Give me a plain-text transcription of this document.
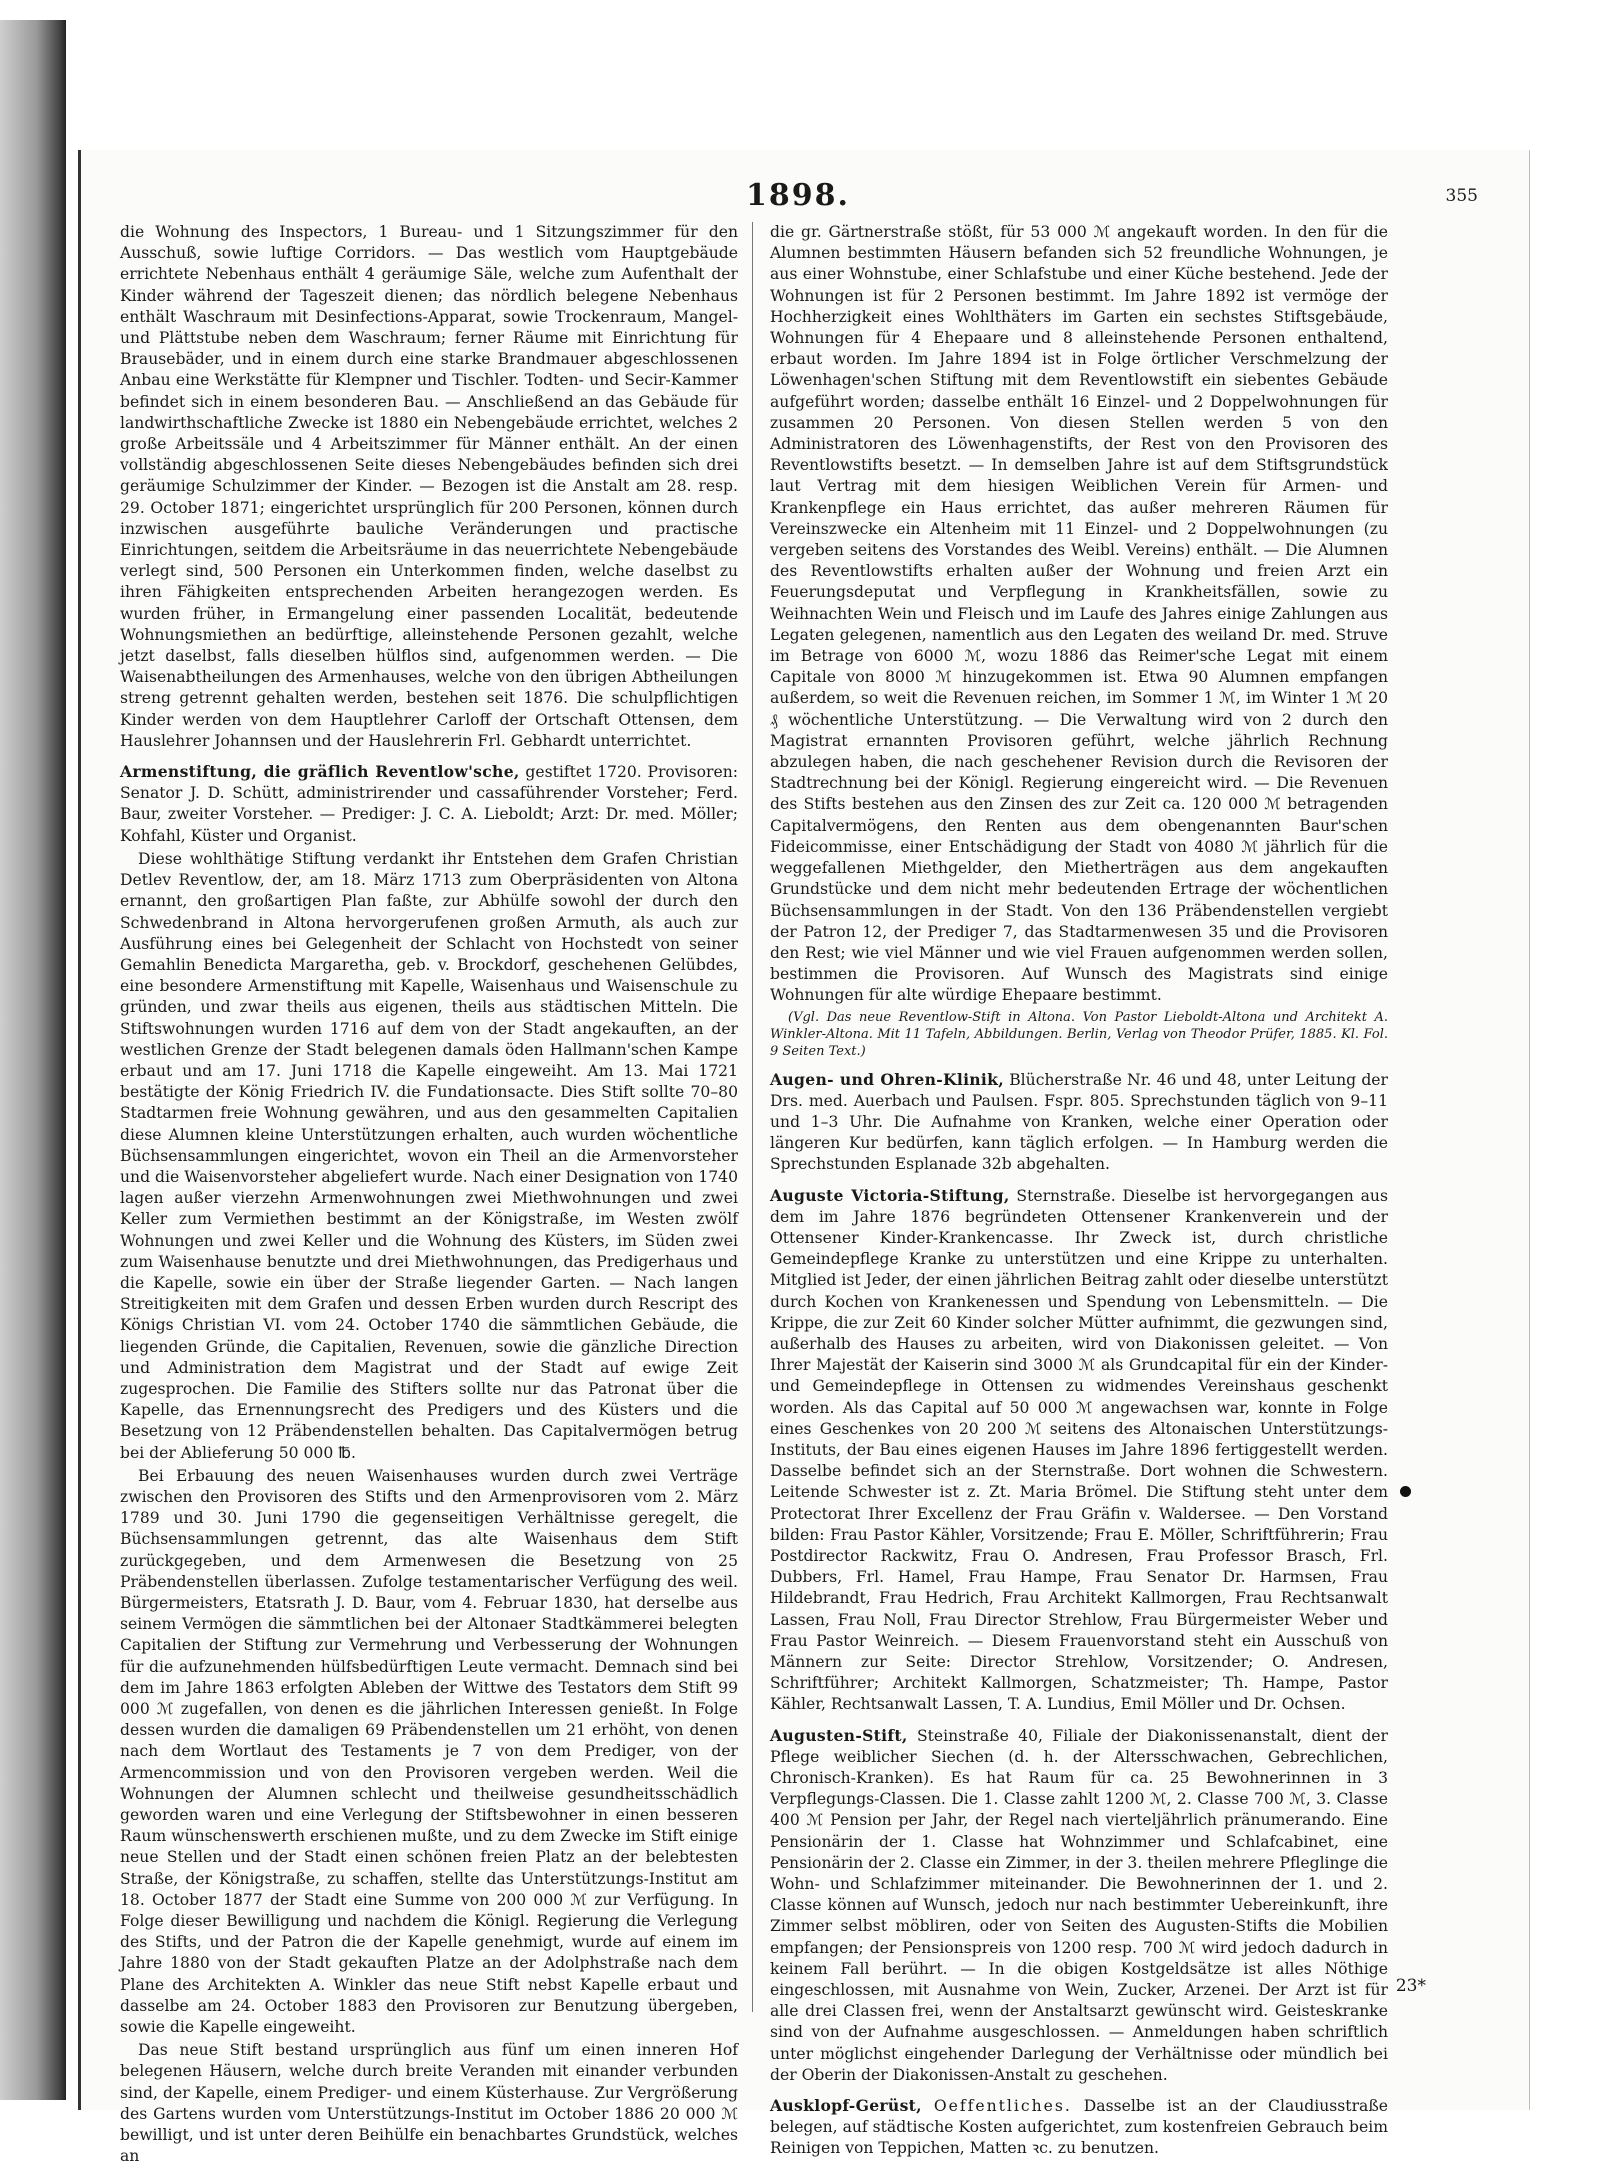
1898.	355

die Wohnung des Inspectors, 1 Bureau- und 1 Sitzungszimmer für den Ausschuß, sowie luftige Corridors. — Das westlich vom Hauptgebäude errichtete Nebenhaus enthält 4 geräumige Säle, welche zum Aufenthalt der Kinder während der Tageszeit dienen; das nördlich belegene Nebenhaus enthält Waschraum mit Desinfections-Apparat, sowie Trockenraum, Mangel- und Plättstube neben dem Waschraum; ferner Räume mit Einrichtung für Brausebäder, und in einem durch eine starke Brandmauer abgeschlossenen Anbau eine Werkstätte für Klempner und Tischler. Todten- und Secir-Kammer befindet sich in einem besonderen Bau. — Anschließend an das Gebäude für landwirthschaftliche Zwecke ist 1880 ein Nebengebäude errichtet, welches 2 große Arbeitssäle und 4 Arbeitszimmer für Männer enthält. An der einen vollständig abgeschlossenen Seite dieses Nebengebäudes befinden sich drei geräumige Schulzimmer der Kinder. — Bezogen ist die Anstalt am 28. resp. 29. October 1871; eingerichtet ursprünglich für 200 Personen, können durch inzwischen ausgeführte bauliche Veränderungen und practische Einrichtungen, seitdem die Arbeitsräume in das neuerrichtete Nebengebäude verlegt sind, 500 Personen ein Unterkommen finden, welche daselbst zu ihren Fähigkeiten entsprechenden Arbeiten herangezogen werden. Es wurden früher, in Ermangelung einer passenden Localität, bedeutende Wohnungsmiethen an bedürftige, alleinstehende Personen gezahlt, welche jetzt daselbst, falls dieselben hülflos sind, aufgenommen werden. — Die Waisenabtheilungen des Armenhauses, welche von den übrigen Abtheilungen streng getrennt gehalten werden, bestehen seit 1876. Die schulpflichtigen Kinder werden von dem Hauptlehrer Carloff der Ortschaft Ottensen, dem Hauslehrer Johannsen und der Hauslehrerin Frl. Gebhardt unterrichtet.

Armenstiftung, die gräflich Reventlow'sche, gestiftet 1720. Provisoren: Senator J. D. Schütt, administrirender und cassaführender Vorsteher; Ferd. Baur, zweiter Vorsteher. — Prediger: J. C. A. Lieboldt; Arzt: Dr. med. Möller; Kohfahl, Küster und Organist.

Diese wohlthätige Stiftung verdankt ihr Entstehen dem Grafen Christian Detlev Reventlow, der, am 18. März 1713 zum Oberpräsidenten von Altona ernannt, den großartigen Plan faßte, zur Abhülfe sowohl der durch den Schwedenbrand in Altona hervorgerufenen großen Armuth, als auch zur Ausführung eines bei Gelegenheit der Schlacht von Hochstedt von seiner Gemahlin Benedicta Margaretha, geb. v. Brockdorf, geschehenen Gelübdes, eine besondere Armenstiftung mit Kapelle, Waisenhaus und Waisenschule zu gründen, und zwar theils aus eigenen, theils aus städtischen Mitteln. Die Stiftswohnungen wurden 1716 auf dem von der Stadt angekauften, an der westlichen Grenze der Stadt belegenen damals öden Hallmann'schen Kampe erbaut und am 17. Juni 1718 die Kapelle eingeweiht. Am 13. Mai 1721 bestätigte der König Friedrich IV. die Fundationsacte. Dies Stift sollte 70–80 Stadtarmen freie Wohnung gewähren, und aus den gesammelten Capitalien diese Alumnen kleine Unterstützungen erhalten, auch wurden wöchentliche Büchsensammlungen eingerichtet, wovon ein Theil an die Armenvorsteher und die Waisenvorsteher abgeliefert wurde. Nach einer Designation von 1740 lagen außer vierzehn Armenwohnungen zwei Miethwohnungen und zwei Keller zum Vermiethen bestimmt an der Königstraße, im Westen zwölf Wohnungen und zwei Keller und die Wohnung des Küsters, im Süden zwei zum Waisenhause benutzte und drei Miethwohnungen, das Predigerhaus und die Kapelle, sowie ein über der Straße liegender Garten. — Nach langen Streitigkeiten mit dem Grafen und dessen Erben wurden durch Rescript des Königs Christian VI. vom 24. October 1740 die sämmtlichen Gebäude, die liegenden Gründe, die Capitalien, Revenuen, sowie die gänzliche Direction und Administration dem Magistrat und der Stadt auf ewige Zeit zugesprochen. Die Familie des Stifters sollte nur das Patronat über die Kapelle, das Ernennungsrecht des Predigers und des Küsters und die Besetzung von 12 Präbendenstellen behalten. Das Capitalvermögen betrug bei der Ablieferung 50 000 ℔.

Bei Erbauung des neuen Waisenhauses wurden durch zwei Verträge zwischen den Provisoren des Stifts und den Armenprovisoren vom 2. März 1789 und 30. Juni 1790 die gegenseitigen Verhältnisse geregelt, die Büchsensammlungen getrennt, das alte Waisenhaus dem Stift zurückgegeben, und dem Armenwesen die Besetzung von 25 Präbendenstellen überlassen. Zufolge testamentarischer Verfügung des weil. Bürgermeisters, Etatsrath J. D. Baur, vom 4. Februar 1830, hat derselbe aus seinem Vermögen die sämmtlichen bei der Altonaer Stadtkämmerei belegten Capitalien der Stiftung zur Vermehrung und Verbesserung der Wohnungen für die aufzunehmenden hülfsbedürftigen Leute vermacht. Demnach sind bei dem im Jahre 1863 erfolgten Ableben der Wittwe des Testators dem Stift 99 000 ℳ zugefallen, von denen es die jährlichen Interessen genießt. In Folge dessen wurden die damaligen 69 Präbendenstellen um 21 erhöht, von denen nach dem Wortlaut des Testaments je 7 von dem Prediger, von der Armencommission und von den Provisoren vergeben werden. Weil die Wohnungen der Alumnen schlecht und theilweise gesundheitsschädlich geworden waren und eine Verlegung der Stiftsbewohner in einen besseren Raum wünschenswerth erschienen mußte, und zu dem Zwecke im Stift einige neue Stellen und der Stadt einen schönen freien Platz an der belebtesten Straße, der Königstraße, zu schaffen, stellte das Unterstützungs-Institut am 18. October 1877 der Stadt eine Summe von 200 000 ℳ zur Verfügung. In Folge dieser Bewilligung und nachdem die Königl. Regierung die Verlegung des Stifts, und der Patron die der Kapelle genehmigt, wurde auf einem im Jahre 1880 von der Stadt gekauften Platze an der Adolphstraße nach dem Plane des Architekten A. Winkler das neue Stift nebst Kapelle erbaut und dasselbe am 24. October 1883 den Provisoren zur Benutzung übergeben, sowie die Kapelle eingeweiht.

Das neue Stift bestand ursprünglich aus fünf um einen inneren Hof belegenen Häusern, welche durch breite Veranden mit einander verbunden sind, der Kapelle, einem Prediger- und einem Küsterhause. Zur Vergrößerung des Gartens wurden vom Unterstützungs-Institut im October 1886 20 000 ℳ bewilligt, und ist unter deren Beihülfe ein benachbartes Grundstück, welches an

die gr. Gärtnerstraße stößt, für 53 000 ℳ angekauft worden. In den für die Alumnen bestimmten Häusern befanden sich 52 freundliche Wohnungen, je aus einer Wohnstube, einer Schlafstube und einer Küche bestehend. Jede der Wohnungen ist für 2 Personen bestimmt. Im Jahre 1892 ist vermöge der Hochherzigkeit eines Wohlthäters im Garten ein sechstes Stiftsgebäude, Wohnungen für 4 Ehepaare und 8 alleinstehende Personen enthaltend, erbaut worden. Im Jahre 1894 ist in Folge örtlicher Verschmelzung der Löwenhagen'schen Stiftung mit dem Reventlowstift ein siebentes Gebäude aufgeführt worden; dasselbe enthält 16 Einzel- und 2 Doppelwohnungen für zusammen 20 Personen. Von diesen Stellen werden 5 von den Administratoren des Löwenhagenstifts, der Rest von den Provisoren des Reventlowstifts besetzt. — In demselben Jahre ist auf dem Stiftsgrundstück laut Vertrag mit dem hiesigen Weiblichen Verein für Armen- und Krankenpflege ein Haus errichtet, das außer mehreren Räumen für Vereinszwecke ein Altenheim mit 11 Einzel- und 2 Doppelwohnungen (zu vergeben seitens des Vorstandes des Weibl. Vereins) enthält. — Die Alumnen des Reventlowstifts erhalten außer der Wohnung und freien Arzt ein Feuerungsdeputat und Verpflegung in Krankheitsfällen, sowie zu Weihnachten Wein und Fleisch und im Laufe des Jahres einige Zahlungen aus Legaten gelegenen, namentlich aus den Legaten des weiland Dr. med. Struve im Betrage von 6000 ℳ, wozu 1886 das Reimer'sche Legat mit einem Capitale von 8000 ℳ hinzugekommen ist. Etwa 90 Alumnen empfangen außerdem, so weit die Revenuen reichen, im Sommer 1 ℳ, im Winter 1 ℳ 20 ₰ wöchentliche Unterstützung. — Die Verwaltung wird von 2 durch den Magistrat ernannten Provisoren geführt, welche jährlich Rechnung abzulegen haben, die nach geschehener Revision durch die Revisoren der Stadtrechnung bei der Königl. Regierung eingereicht wird. — Die Revenuen des Stifts bestehen aus den Zinsen des zur Zeit ca. 120 000 ℳ betragenden Capitalvermögens, den Renten aus dem obengenannten Baur'schen Fideicommisse, einer Entschädigung der Stadt von 4080 ℳ jährlich für die weggefallenen Miethgelder, den Mietherträgen aus dem angekauften Grundstücke und dem nicht mehr bedeutenden Ertrage der wöchentlichen Büchsensammlungen in der Stadt. Von den 136 Präbendenstellen vergiebt der Patron 12, der Prediger 7, das Stadtarmenwesen 35 und die Provisoren den Rest; wie viel Männer und wie viel Frauen aufgenommen werden sollen, bestimmen die Provisoren. Auf Wunsch des Magistrats sind einige Wohnungen für alte würdige Ehepaare bestimmt.

(Vgl. Das neue Reventlow-Stift in Altona. Von Pastor Lieboldt-Altona und Architekt A. Winkler-Altona. Mit 11 Tafeln, Abbildungen. Berlin, Verlag von Theodor Prüfer, 1885. Kl. Fol. 9 Seiten Text.)

Augen- und Ohren-Klinik, Blücherstraße Nr. 46 und 48, unter Leitung der Drs. med. Auerbach und Paulsen. Fspr. 805. Sprechstunden täglich von 9–11 und 1–3 Uhr. Die Aufnahme von Kranken, welche einer Operation oder längeren Kur bedürfen, kann täglich erfolgen. — In Hamburg werden die Sprechstunden Esplanade 32b abgehalten.

Auguste Victoria-Stiftung, Sternstraße. Dieselbe ist hervorgegangen aus dem im Jahre 1876 begründeten Ottensener Krankenverein und der Ottensener Kinder-Krankencasse. Ihr Zweck ist, durch christliche Gemeindepflege Kranke zu unterstützen und eine Krippe zu unterhalten. Mitglied ist Jeder, der einen jährlichen Beitrag zahlt oder dieselbe unterstützt durch Kochen von Krankenessen und Spendung von Lebensmitteln. — Die Krippe, die zur Zeit 60 Kinder solcher Mütter aufnimmt, die gezwungen sind, außerhalb des Hauses zu arbeiten, wird von Diakonissen geleitet. — Von Ihrer Majestät der Kaiserin sind 3000 ℳ als Grundcapital für ein der Kinder- und Gemeindepflege in Ottensen zu widmendes Vereinshaus geschenkt worden. Als das Capital auf 50 000 ℳ angewachsen war, konnte in Folge eines Geschenkes von 20 200 ℳ seitens des Altonaischen Unterstützungs-Instituts, der Bau eines eigenen Hauses im Jahre 1896 fertiggestellt werden. Dasselbe befindet sich an der Sternstraße. Dort wohnen die Schwestern. Leitende Schwester ist z. Zt. Maria Brömel. Die Stiftung steht unter dem Protectorat Ihrer Excellenz der Frau Gräfin v. Waldersee. — Den Vorstand bilden: Frau Pastor Kähler, Vorsitzende; Frau E. Möller, Schriftführerin; Frau Postdirector Rackwitz, Frau O. Andresen, Frau Professor Brasch, Frl. Dubbers, Frl. Hamel, Frau Hampe, Frau Senator Dr. Harmsen, Frau Hildebrandt, Frau Hedrich, Frau Architekt Kallmorgen, Frau Rechtsanwalt Lassen, Frau Noll, Frau Director Strehlow, Frau Bürgermeister Weber und Frau Pastor Weinreich. — Diesem Frauenvorstand steht ein Ausschuß von Männern zur Seite: Director Strehlow, Vorsitzender; O. Andresen, Schriftführer; Architekt Kallmorgen, Schatzmeister; Th. Hampe, Pastor Kähler, Rechtsanwalt Lassen, T. A. Lundius, Emil Möller und Dr. Ochsen.

Augusten-Stift, Steinstraße 40, Filiale der Diakonissenanstalt, dient der Pflege weiblicher Siechen (d. h. der Altersschwachen, Gebrechlichen, Chronisch-Kranken). Es hat Raum für ca. 25 Bewohnerinnen in 3 Verpflegungs-Classen. Die 1. Classe zahlt 1200 ℳ, 2. Classe 700 ℳ, 3. Classe 400 ℳ Pension per Jahr, der Regel nach vierteljährlich pränumerando. Eine Pensionärin der 1. Classe hat Wohnzimmer und Schlafcabinet, eine Pensionärin der 2. Classe ein Zimmer, in der 3. theilen mehrere Pfleglinge die Wohn- und Schlafzimmer miteinander. Die Bewohnerinnen der 1. und 2. Classe können auf Wunsch, jedoch nur nach bestimmter Uebereinkunft, ihre Zimmer selbst möbliren, oder von Seiten des Augusten-Stifts die Mobilien empfangen; der Pensionspreis von 1200 resp. 700 ℳ wird jedoch dadurch in keinem Fall berührt. — In die obigen Kostgeldsätze ist alles Nöthige eingeschlossen, mit Ausnahme von Wein, Zucker, Arzenei. Der Arzt ist für alle drei Classen frei, wenn der Anstaltsarzt gewünscht wird. Geisteskranke sind von der Aufnahme ausgeschlossen. — Anmeldungen haben schriftlich unter möglichst eingehender Darlegung der Verhältnisse oder mündlich bei der Oberin der Diakonissen-Anstalt zu geschehen.

Ausklopf-Gerüst, Oeffentliches. Dasselbe ist an der Claudiusstraße belegen, auf städtische Kosten aufgerichtet, zum kostenfreien Gebrauch beim Reinigen von Teppichen, Matten ꝛc. zu benutzen.

23*
